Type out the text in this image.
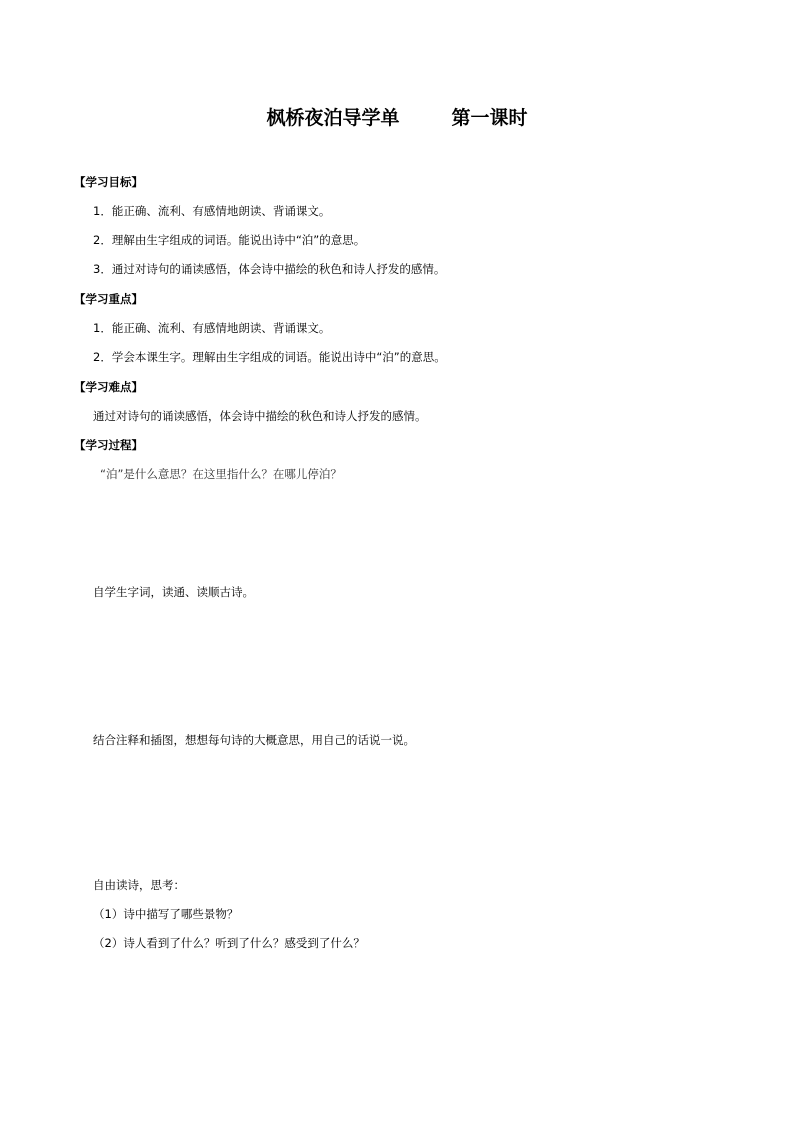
枫桥夜泊导学单	第一课时
【学习目标】
1．能正确、流利、有感情地朗读、背诵课文。
2．理解由生字组成的词语。能说出诗中“泊”的意思。
3．通过对诗句的诵读感悟，体会诗中描绘的秋色和诗人抒发的感情。
【学习重点】
1．能正确、流利、有感情地朗读、背诵课文。
2．学会本课生字。理解由生字组成的词语。能说出诗中“泊”的意思。
【学习难点】
通过对诗句的诵读感悟，体会诗中描绘的秋色和诗人抒发的感情。
【学习过程】
“泊”是什么意思？在这里指什么？在哪儿停泊？
自学生字词，读通、读顺古诗。
结合注释和插图，想想每句诗的大概意思，用自己的话说一说。
自由读诗，思考：
（1）诗中描写了哪些景物？
（2）诗人看到了什么？听到了什么？感受到了什么？
